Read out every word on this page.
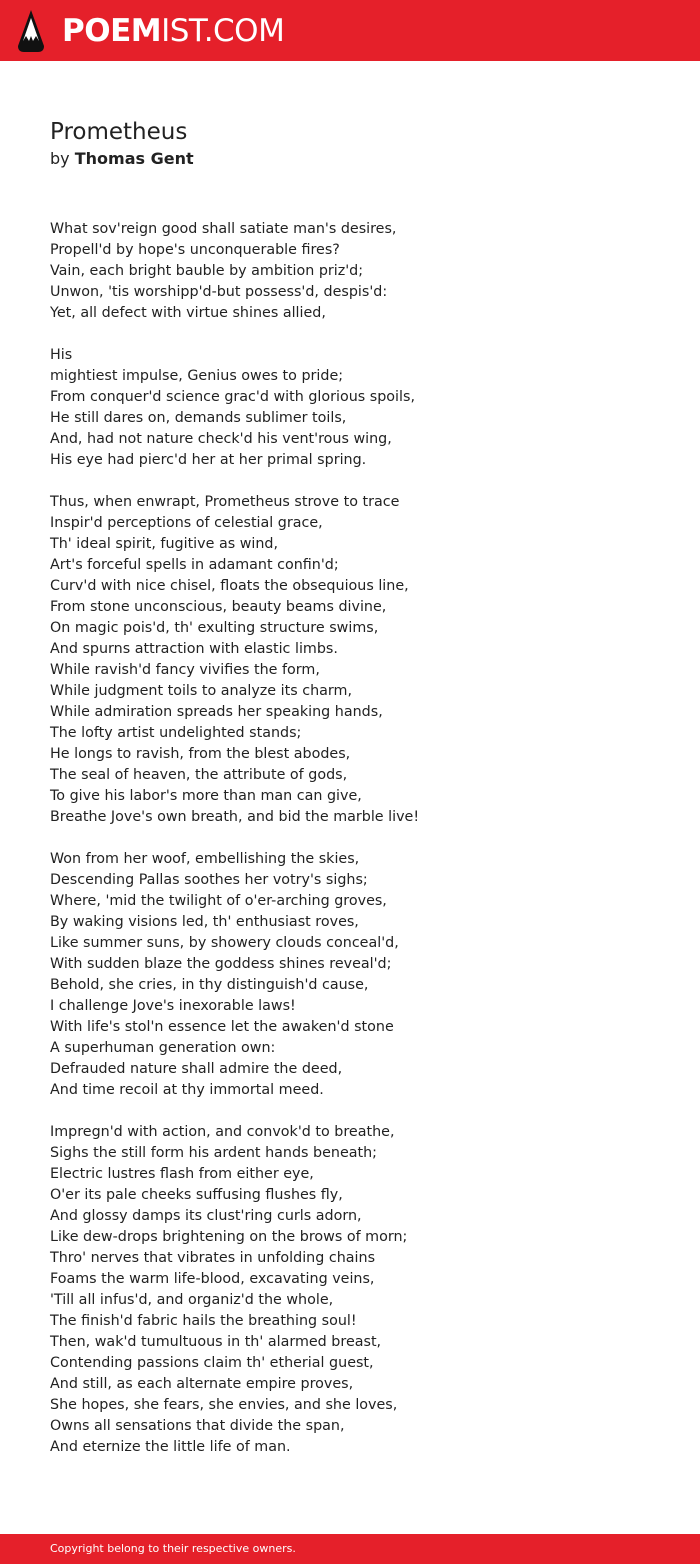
POEMIST.COM
Prometheus
by Thomas Gent
What sov'reign good shall satiate man's desires,
Propell'd by hope's unconquerable fires?
Vain, each bright bauble by ambition priz'd;
Unwon, 'tis worshipp'd-but possess'd, despis'd:
Yet, all defect with virtue shines allied,
His
mightiest impulse, Genius owes to pride;
From conquer'd science grac'd with glorious spoils,
He still dares on, demands sublimer toils,
And, had not nature check'd his vent'rous wing,
His eye had pierc'd her at her primal spring.
Thus, when enwrapt, Prometheus strove to trace
Inspir'd perceptions of celestial grace,
Th' ideal spirit, fugitive as wind,
Art's forceful spells in adamant confin'd;
Curv'd with nice chisel, floats the obsequious line,
From stone unconscious, beauty beams divine,
On magic pois'd, th' exulting structure swims,
And spurns attraction with elastic limbs.
While ravish'd fancy vivifies the form,
While judgment toils to analyze its charm,
While admiration spreads her speaking hands,
The lofty artist undelighted stands;
He longs to ravish, from the blest abodes,
The seal of heaven, the attribute of gods,
To give his labor's more than man can give,
Breathe Jove's own breath, and bid the marble live!
Won from her woof, embellishing the skies,
Descending Pallas soothes her votry's sighs;
Where, 'mid the twilight of o'er-arching groves,
By waking visions led, th' enthusiast roves,
Like summer suns, by showery clouds conceal'd,
With sudden blaze the goddess shines reveal'd;
Behold, she cries, in thy distinguish'd cause,
I challenge Jove's inexorable laws!
With life's stol'n essence let the awaken'd stone
A superhuman generation own:
Defrauded nature shall admire the deed,
And time recoil at thy immortal meed.
Impregn'd with action, and convok'd to breathe,
Sighs the still form his ardent hands beneath;
Electric lustres flash from either eye,
O'er its pale cheeks suffusing flushes fly,
And glossy damps its clust'ring curls adorn,
Like dew-drops brightening on the brows of morn;
Thro' nerves that vibrates in unfolding chains
Foams the warm life-blood, excavating veins,
'Till all infus'd, and organiz'd the whole,
The finish'd fabric hails the breathing soul!
Then, wak'd tumultuous in th' alarmed breast,
Contending passions claim th' etherial guest,
And still, as each alternate empire proves,
She hopes, she fears, she envies, and she loves,
Owns all sensations that divide the span,
And eternize the little life of man.
Copyright belong to their respective owners.
